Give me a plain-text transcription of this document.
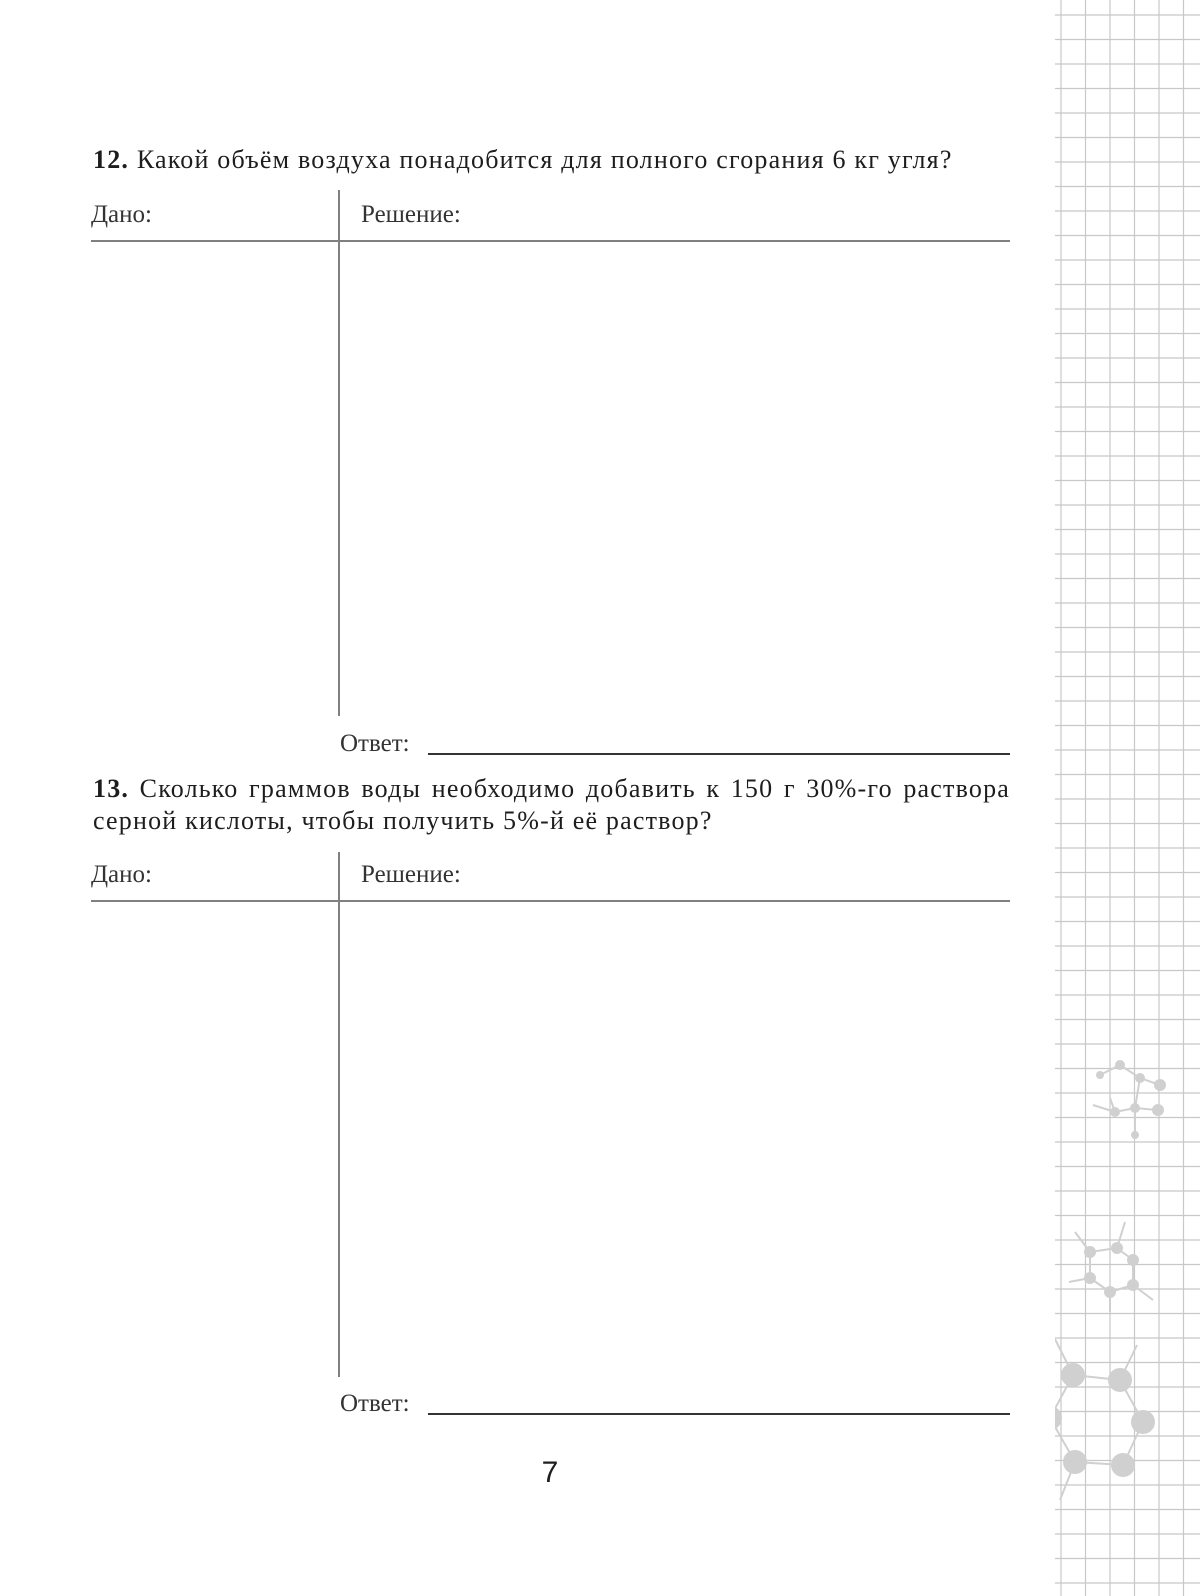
12. Какой объём воздуха понадобится для полного сгорания 6 кг угля?

Дано:	Решение:
Ответ:

13. Сколько граммов воды необходимо добавить к 150 г 30%-го раствора серной кислоты, чтобы получить 5%-й её раствор?

Дано:	Решение:
Ответ:
7
